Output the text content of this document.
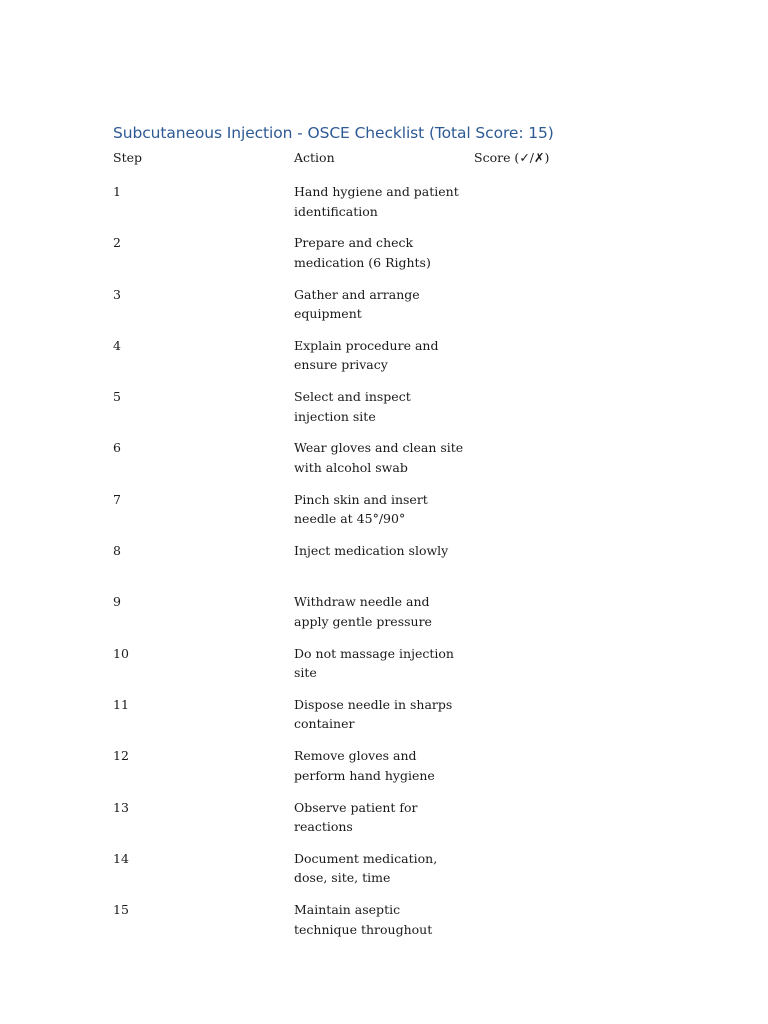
Subcutaneous Injection - OSCE Checklist (Total Score: 15)
Step	Action	Score (✓/✗)
1	Hand hygiene and patient identification
2	Prepare and check medication (6 Rights)
3	Gather and arrange equipment
4	Explain procedure and ensure privacy
5	Select and inspect injection site
6	Wear gloves and clean site with alcohol swab
7	Pinch skin and insert needle at 45°/90°
8	Inject medication slowly
9	Withdraw needle and apply gentle pressure
10	Do not massage injection site
11	Dispose needle in sharps container
12	Remove gloves and perform hand hygiene
13	Observe patient for reactions
14	Document medication, dose, site, time
15	Maintain aseptic technique throughout
